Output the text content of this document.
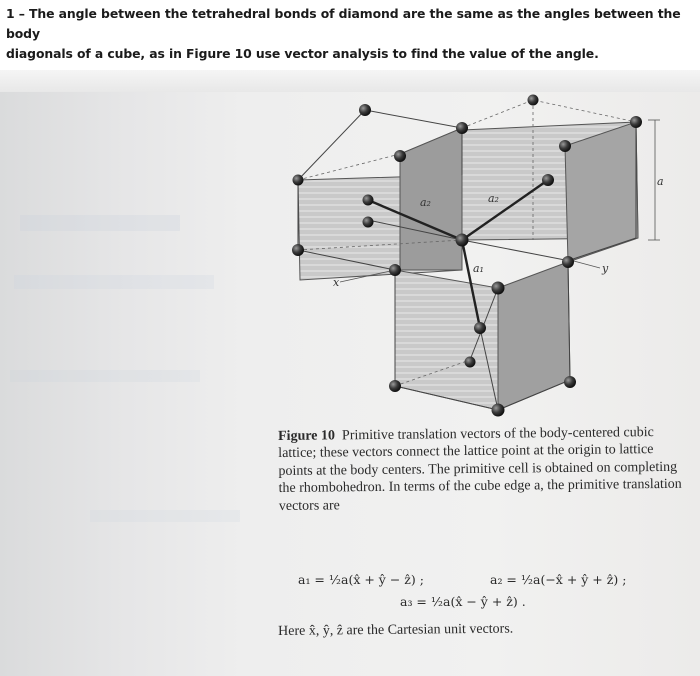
1 – The angle between the tetrahedral bonds of diamond are the same as the angles between the body
diagonals of a cube, as in Figure 10 use vector analysis to find the value of the angle.
a
x
y
a₂	a₂
a₁
Figure 10 Primitive translation vectors of the body-centered cubic lattice; these vectors connect the lattice point at the origin to lattice points at the body centers. The primitive cell is obtained on completing the rhombohedron. In terms of the cube edge a, the primitive translation vectors are
a₁ = ½a(x̂ + ŷ − ẑ) ;	a₂ = ½a(−x̂ + ŷ + ẑ) ;
a₃ = ½a(x̂ − ŷ + ẑ) .
Here x̂, ŷ, ẑ are the Cartesian unit vectors.
